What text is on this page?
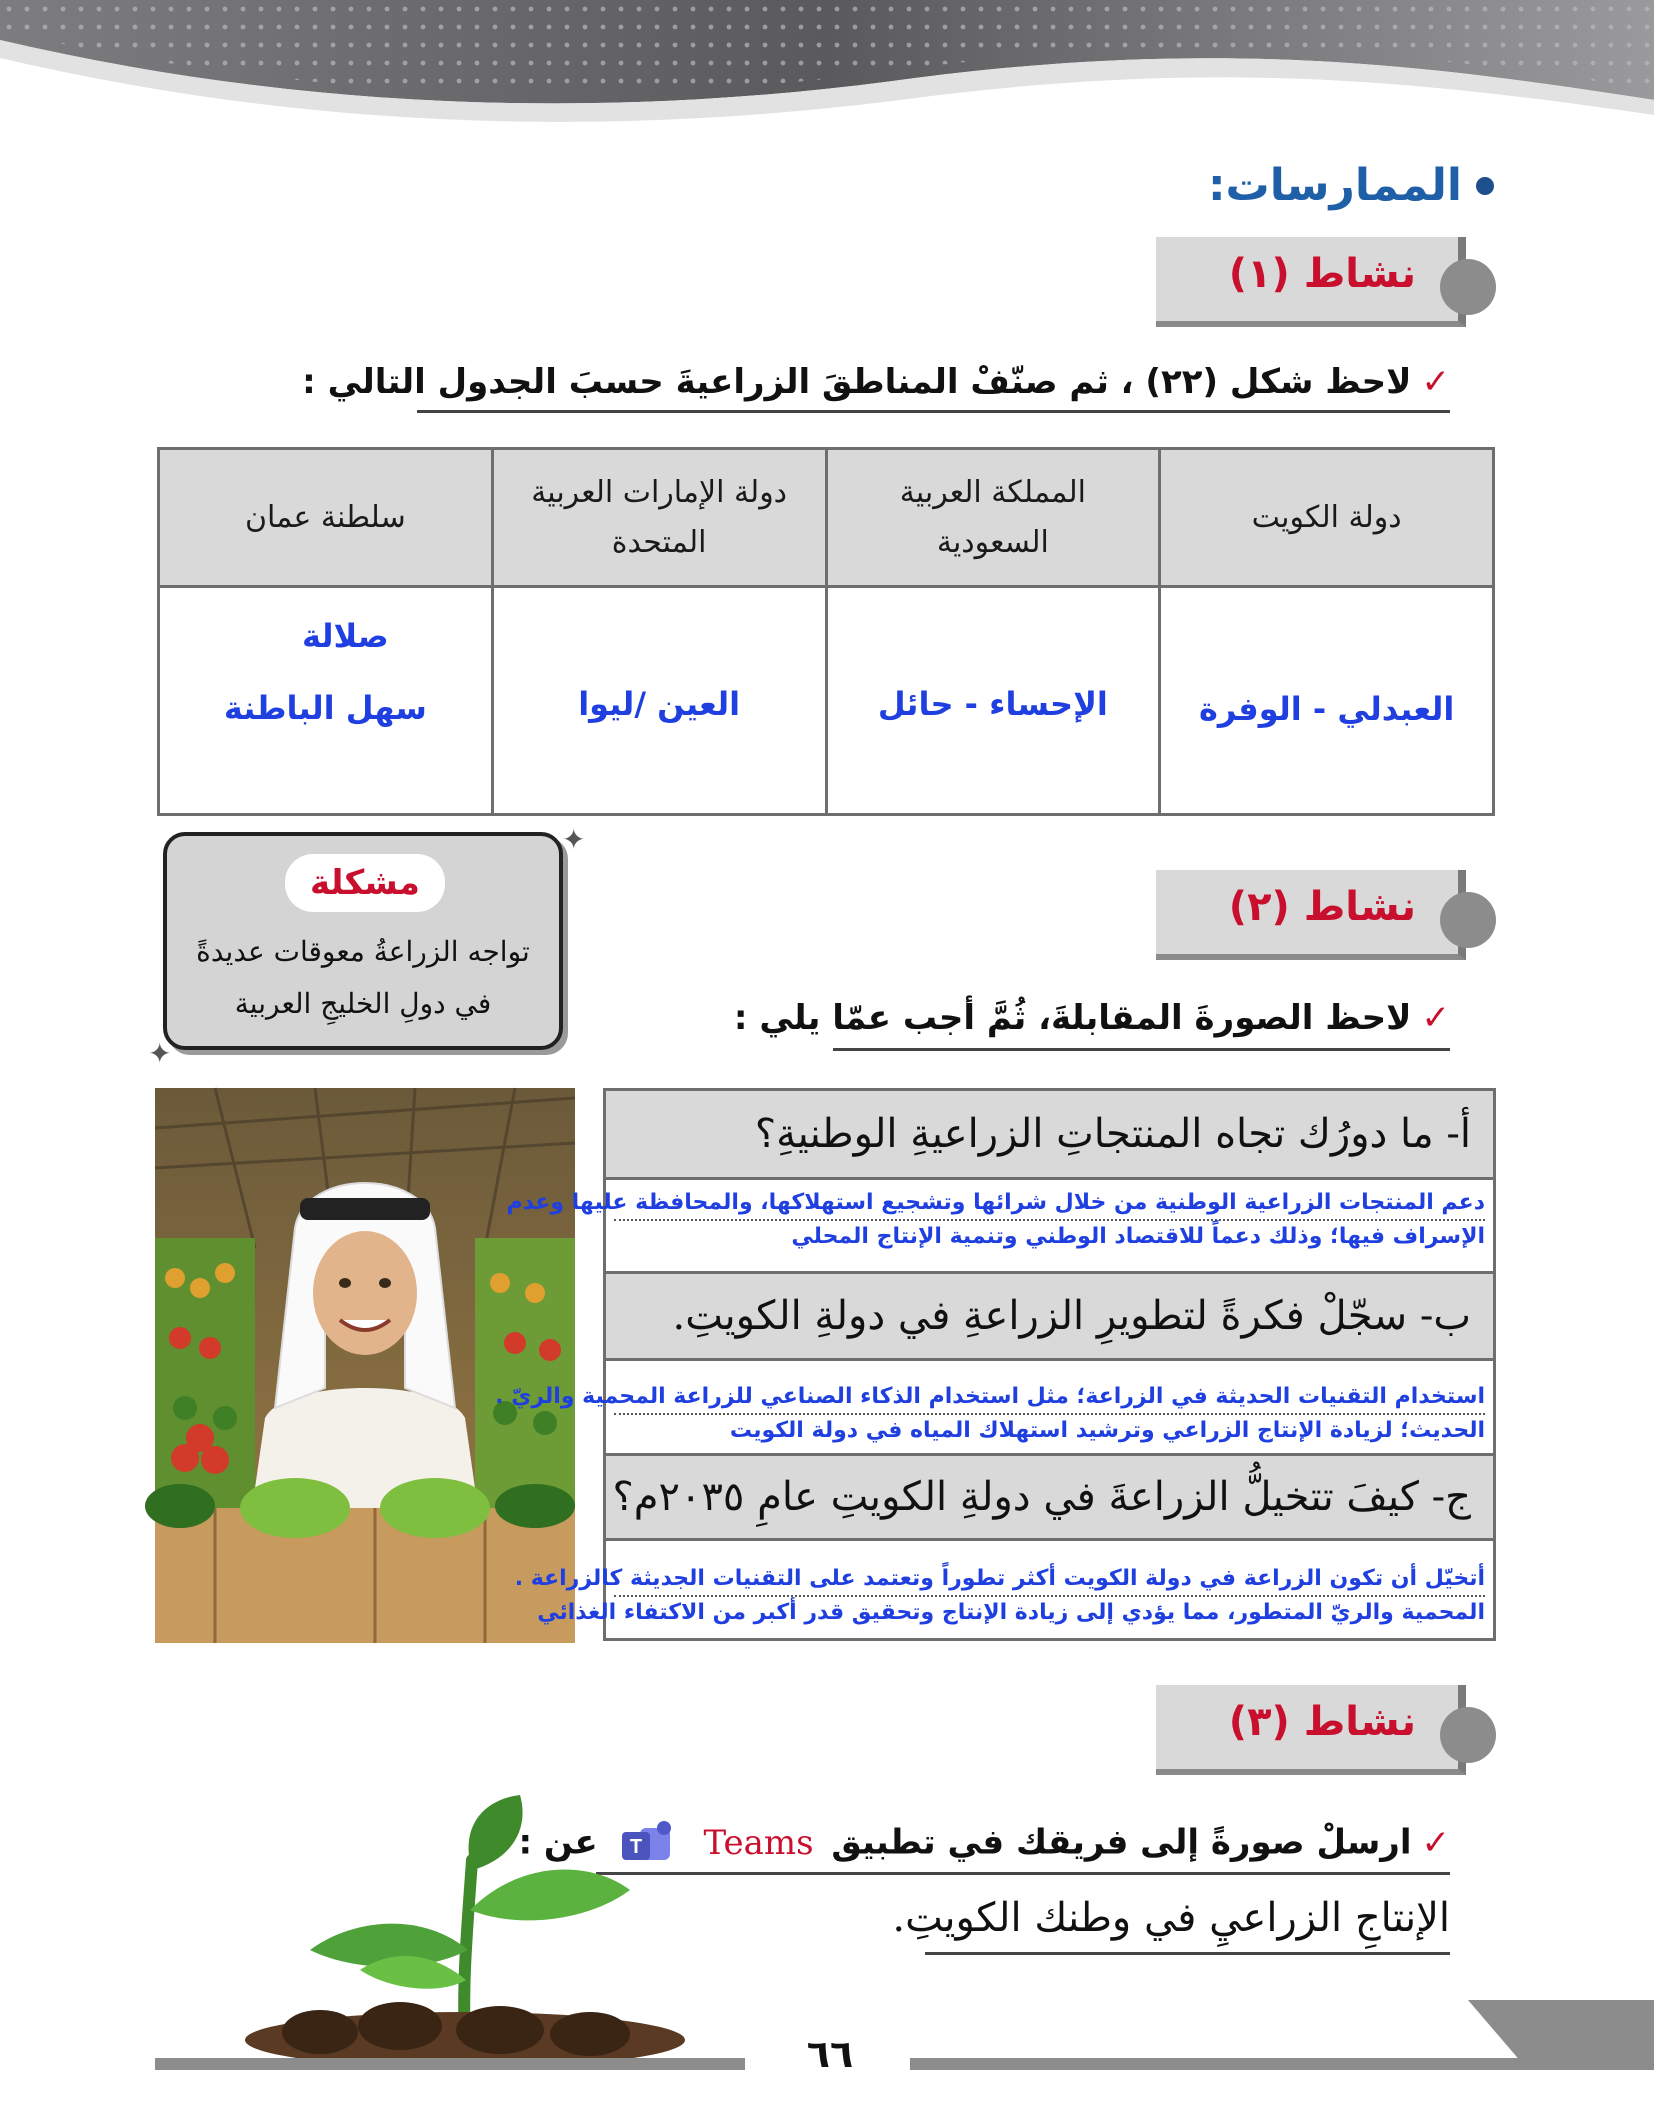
الممارسات:
نشاط (١)
✓لاحظ شكل (٢٢) ، ثم صنّفْ المناطقَ الزراعيةَ حسبَ الجدول التالي :
دولة الكويت	المملكة العربية السعودية	دولة الإمارات العربية المتحدة	سلطنة عمان
العبدلي - الوفرة	الإحساء - حائل	العين /ليوا	صلالة
سهل الباطنة
مشكلة
تواجه الزراعةُ معوقات عديدةً
في دولِ الخليجِ العربية
✦
✦
نشاط (٢)
✓لاحظ الصورةَ المقابلةَ، ثُمَّ أجب عمّا يلي :
أ- ما دورُك تجاه المنتجاتِ الزراعيةِ الوطنيةِ؟
دعم المنتجات الزراعية الوطنية من خلال شرائها وتشجيع استهلاكها، والمحافظة عليها وعدم
الإسراف فيها؛ وذلك دعماً للاقتصاد الوطني وتنمية الإنتاج المحلي
ب- سجّلْ فكرةً لتطويرِ الزراعةِ في دولةِ الكويتِ.
استخدام التقنيات الحديثة في الزراعة؛ مثل استخدام الذكاء الصناعي للزراعة المحمية والريّ .
الحديث؛ لزيادة الإنتاج الزراعي وترشيد استهلاك المياه في دولة الكويت
ج- كيفَ تتخيلُّ الزراعةَ في دولةِ الكويتِ عامِ ٢٠٣٥م؟
أتخيّل أن تكون الزراعة في دولة الكويت أكثر تطوراً وتعتمد على التقنيات الجديثة كالزراعة .
المحمية والريّ المتطور، مما يؤدي إلى زيادة الإنتاج وتحقيق قدر أكبر من الاكتفاء الغذائي
نشاط (٣)
✓ارسلْ صورةً إلى فريقك في تطبيق Teams
T
عن :
الإنتاجِ الزراعيِ في وطنك الكويتِ.
٦٦
